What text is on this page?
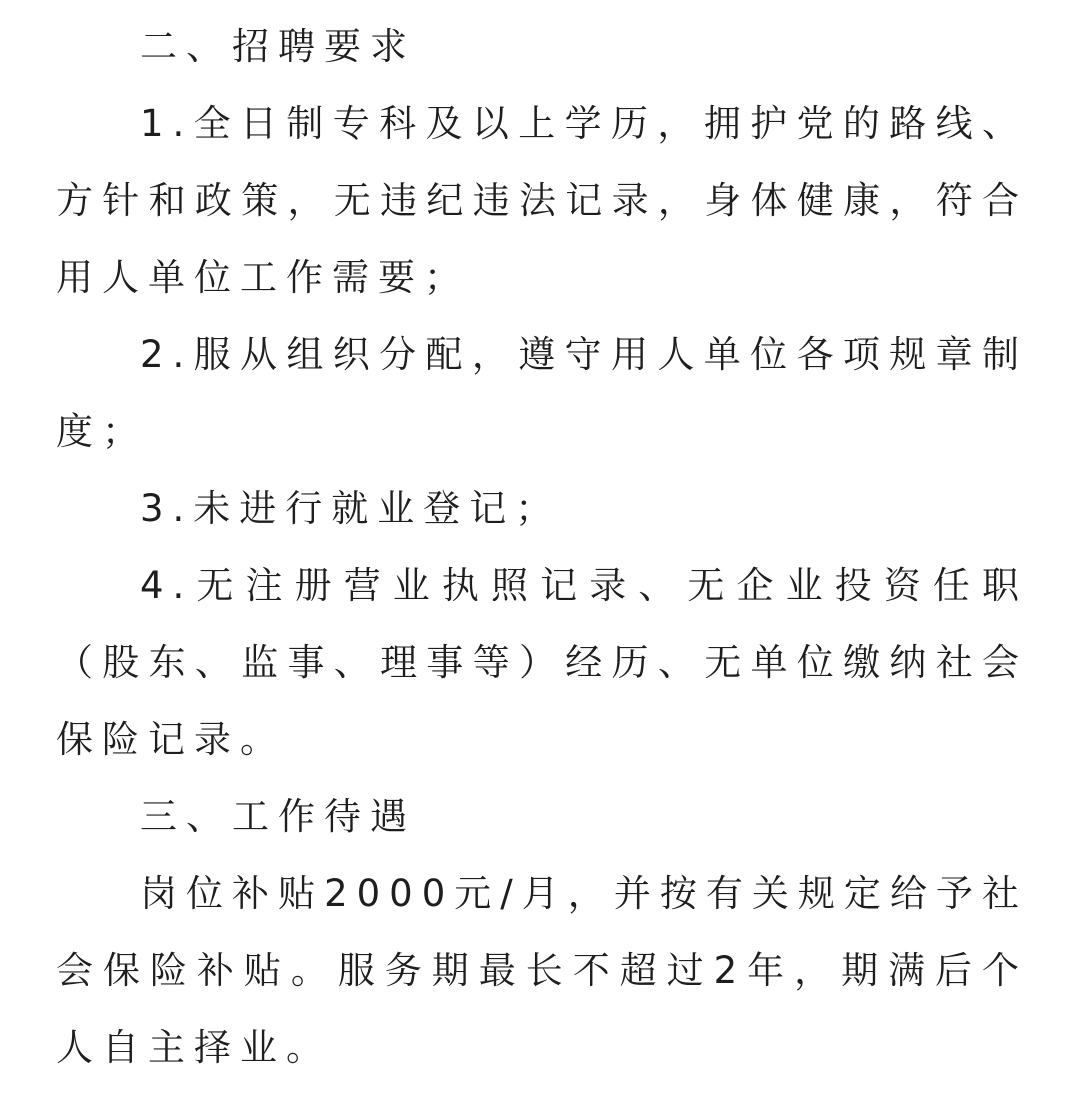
二、招聘要求

1.全日制专科及以上学历，拥护党的路线、方针和政策，无违纪违法记录，身体健康，符合用人单位工作需要；

2.服从组织分配，遵守用人单位各项规章制度；

3.未进行就业登记；

4.无注册营业执照记录、无企业投资任职（股东、监事、理事等）经历、无单位缴纳社会保险记录。

三、工作待遇

岗位补贴2000元/月，并按有关规定给予社会保险补贴。服务期最长不超过2年，期满后个人自主择业。
